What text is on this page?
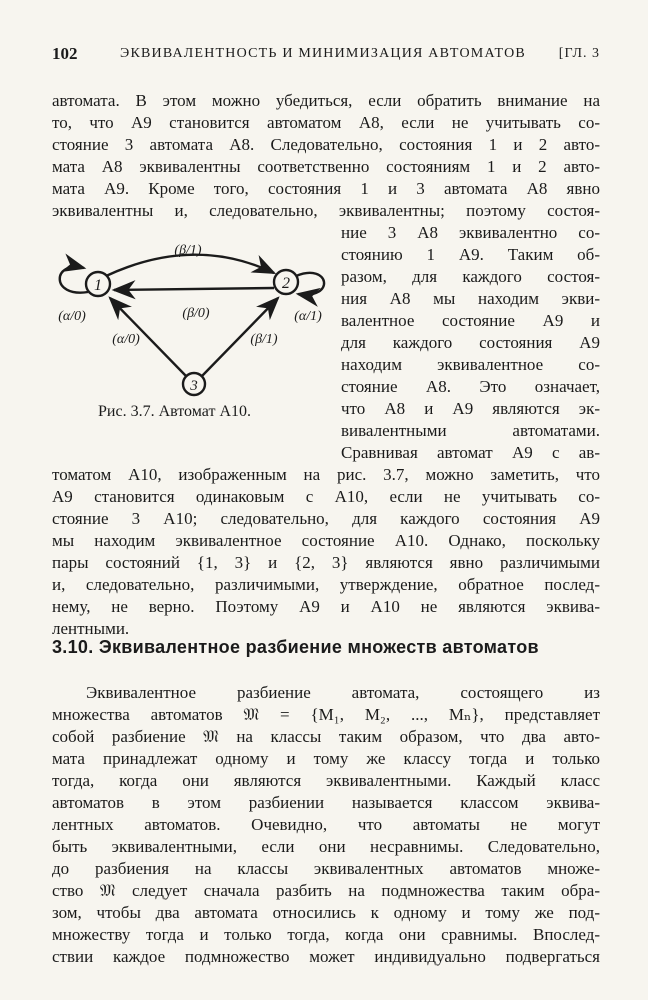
102	ЭКВИВАЛЕНТНОСТЬ И МИНИМИЗАЦИЯ АВТОМАТОВ [ГЛ. 3
автомата. В этом можно убедиться, если обратить внимание на
то, что А9 становится автоматом А8, если не учитывать со-
стояние 3 автомата А8. Следовательно, состояния 1 и 2 авто-
мата А8 эквивалентны соответственно состояниям 1 и 2 авто-
мата А9. Кроме того, состояния 1 и 3 автомата А8 явно
эквивалентны и, следовательно, эквивалентны; поэтому состоя-
ние 3 А8 эквивалентно со-
стоянию 1 А9. Таким об-
разом, для каждого состоя-
ния А8 мы находим экви-
валентное состояние А9 и
для каждого состояния А9
находим эквивалентное со-
стояние А8. Это означает,
что А8 и А9 являются эк-
вивалентными автоматами.
Сравнивая автомат А9 с ав-
1	2
3
(β/1)
(β/0)
(α/0)	(α/1)
(α/0)	(β/1)
Рис. 3.7. Автомат А10.
томатом А10, изображенным на рис. 3.7, можно заметить, что
А9 становится одинаковым с А10, если не учитывать со-
стояние 3 А10; следовательно, для каждого состояния А9
мы находим эквивалентное состояние А10. Однако, поскольку
пары состояний {1, 3} и {2, 3} являются явно различимыми
и, следовательно, различимыми, утверждение, обратное послед-
нему, не верно. Поэтому А9 и А10 не являются эквива-
лентными.
3.10. Эквивалентное разбиение множеств автоматов
Эквивалентное разбиение автомата, состоящего из
множества автоматов 𝔐 = {M₁, M₂, ..., Mₙ}, представляет
собой разбиение 𝔐 на классы таким образом, что два авто-
мата принадлежат одному и тому же классу тогда и только
тогда, когда они являются эквивалентными. Каждый класс
автоматов в этом разбиении называется классом эквива-
лентных автоматов. Очевидно, что автоматы не могут
быть эквивалентными, если они несравнимы. Следовательно,
до разбиения на классы эквивалентных автоматов множе-
ство 𝔐 следует сначала разбить на подмножества таким обра-
зом, чтобы два автомата относились к одному и тому же под-
множеству тогда и только тогда, когда они сравнимы. Впослед-
ствии каждое подмножество может индивидуально подвергаться
